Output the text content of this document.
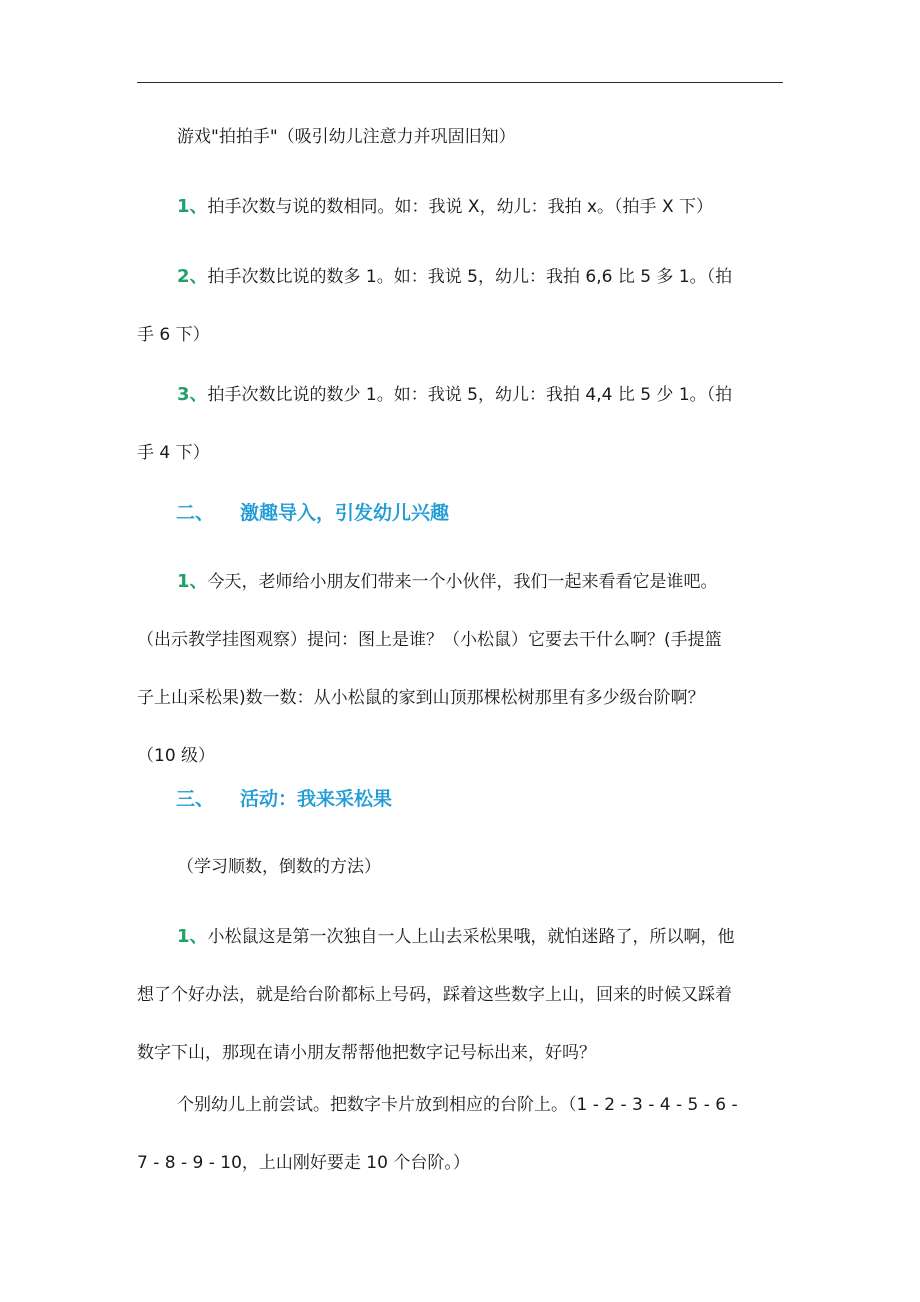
游戏"拍拍手"（吸引幼儿注意力并巩固旧知）

1、拍手次数与说的数相同。如：我说 X，幼儿：我拍 x。（拍手 X 下）

2、拍手次数比说的数多 1。如：我说 5，幼儿：我拍 6,6 比 5 多 1。（拍
手 6 下）

3、拍手次数比说的数少 1。如：我说 5，幼儿：我拍 4,4 比 5 少 1。（拍
手 4 下）

二、 激趣导入，引发幼儿兴趣

1、今天，老师给小朋友们带来一个小伙伴，我们一起来看看它是谁吧。
（出示教学挂图观察）提问：图上是谁？（小松鼠）它要去干什么啊？(手提篮
子上山采松果)数一数：从小松鼠的家到山顶那棵松树那里有多少级台阶啊？
（10 级）

三、 活动：我来采松果

（学习顺数，倒数的方法）

1、小松鼠这是第一次独自一人上山去采松果哦，就怕迷路了，所以啊，他
想了个好办法，就是给台阶都标上号码，踩着这些数字上山，回来的时候又踩着
数字下山，那现在请小朋友帮帮他把数字记号标出来，好吗？

个别幼儿上前尝试。把数字卡片放到相应的台阶上。（1 - 2 - 3 - 4 - 5 - 6 -
7 - 8 - 9 - 10，上山刚好要走 10 个台阶。）
